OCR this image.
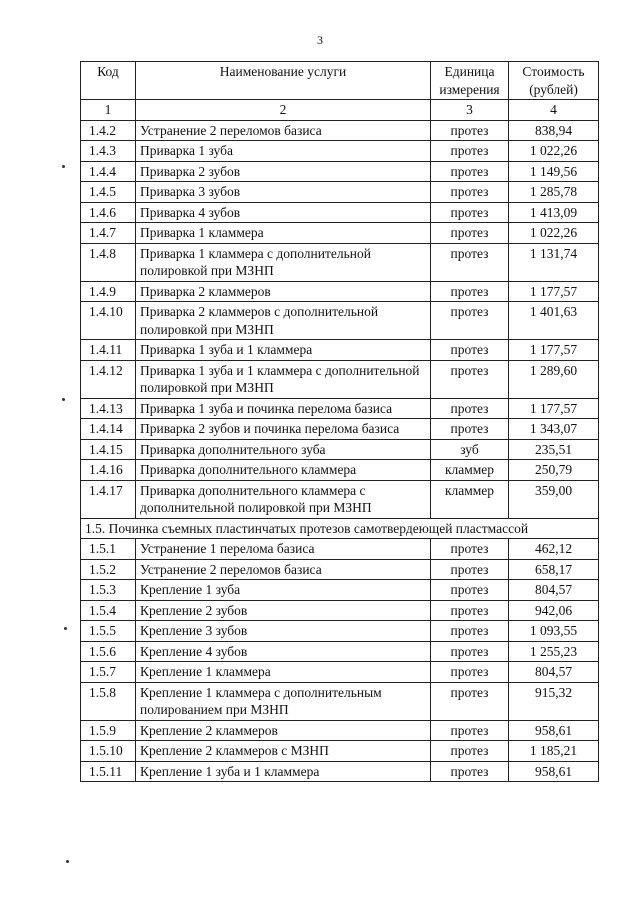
3
Код	Наименование услуги	Единица измерения	Стоимость (рублей)
1	2	3	4
1.4.2	Устранение 2 переломов базиса	протез	838,94
1.4.3	Приварка 1 зуба	протез	1 022,26
1.4.4	Приварка 2 зубов	протез	1 149,56
1.4.5	Приварка 3 зубов	протез	1 285,78
1.4.6	Приварка 4 зубов	протез	1 413,09
1.4.7	Приварка 1 кламмера	протез	1 022,26
1.4.8	Приварка 1 кламмера с дополнительной полировкой при МЗНП	протез	1 131,74
1.4.9	Приварка 2 кламмеров	протез	1 177,57
1.4.10	Приварка 2 кламмеров с дополнительной полировкой при МЗНП	протез	1 401,63
1.4.11	Приварка 1 зуба и 1 кламмера	протез	1 177,57
1.4.12	Приварка 1 зуба и 1 кламмера с дополнительной полировкой при МЗНП	протез	1 289,60
1.4.13	Приварка 1 зуба и починка перелома базиса	протез	1 177,57
1.4.14	Приварка 2 зубов и починка перелома базиса	протез	1 343,07
1.4.15	Приварка дополнительного зуба	зуб	235,51
1.4.16	Приварка дополнительного кламмера	кламмер	250,79
1.4.17	Приварка дополнительного кламмера с дополнительной полировкой при МЗНП	кламмер	359,00
1.5. Починка съемных пластинчатых протезов самотвердеющей пластмассой			
1.5.1	Устранение 1 перелома базиса	протез	462,12
1.5.2	Устранение 2 переломов базиса	протез	658,17
1.5.3	Крепление 1 зуба	протез	804,57
1.5.4	Крепление 2 зубов	протез	942,06
1.5.5	Крепление 3 зубов	протез	1 093,55
1.5.6	Крепление 4 зубов	протез	1 255,23
1.5.7	Крепление 1 кламмера	протез	804,57
1.5.8	Крепление 1 кламмера с дополнительным полированием при МЗНП	протез	915,32
1.5.9	Крепление 2 кламмеров	протез	958,61
1.5.10	Крепление 2 кламмеров с МЗНП	протез	1 185,21
1.5.11	Крепление 1 зуба и 1 кламмера	протез	958,61
